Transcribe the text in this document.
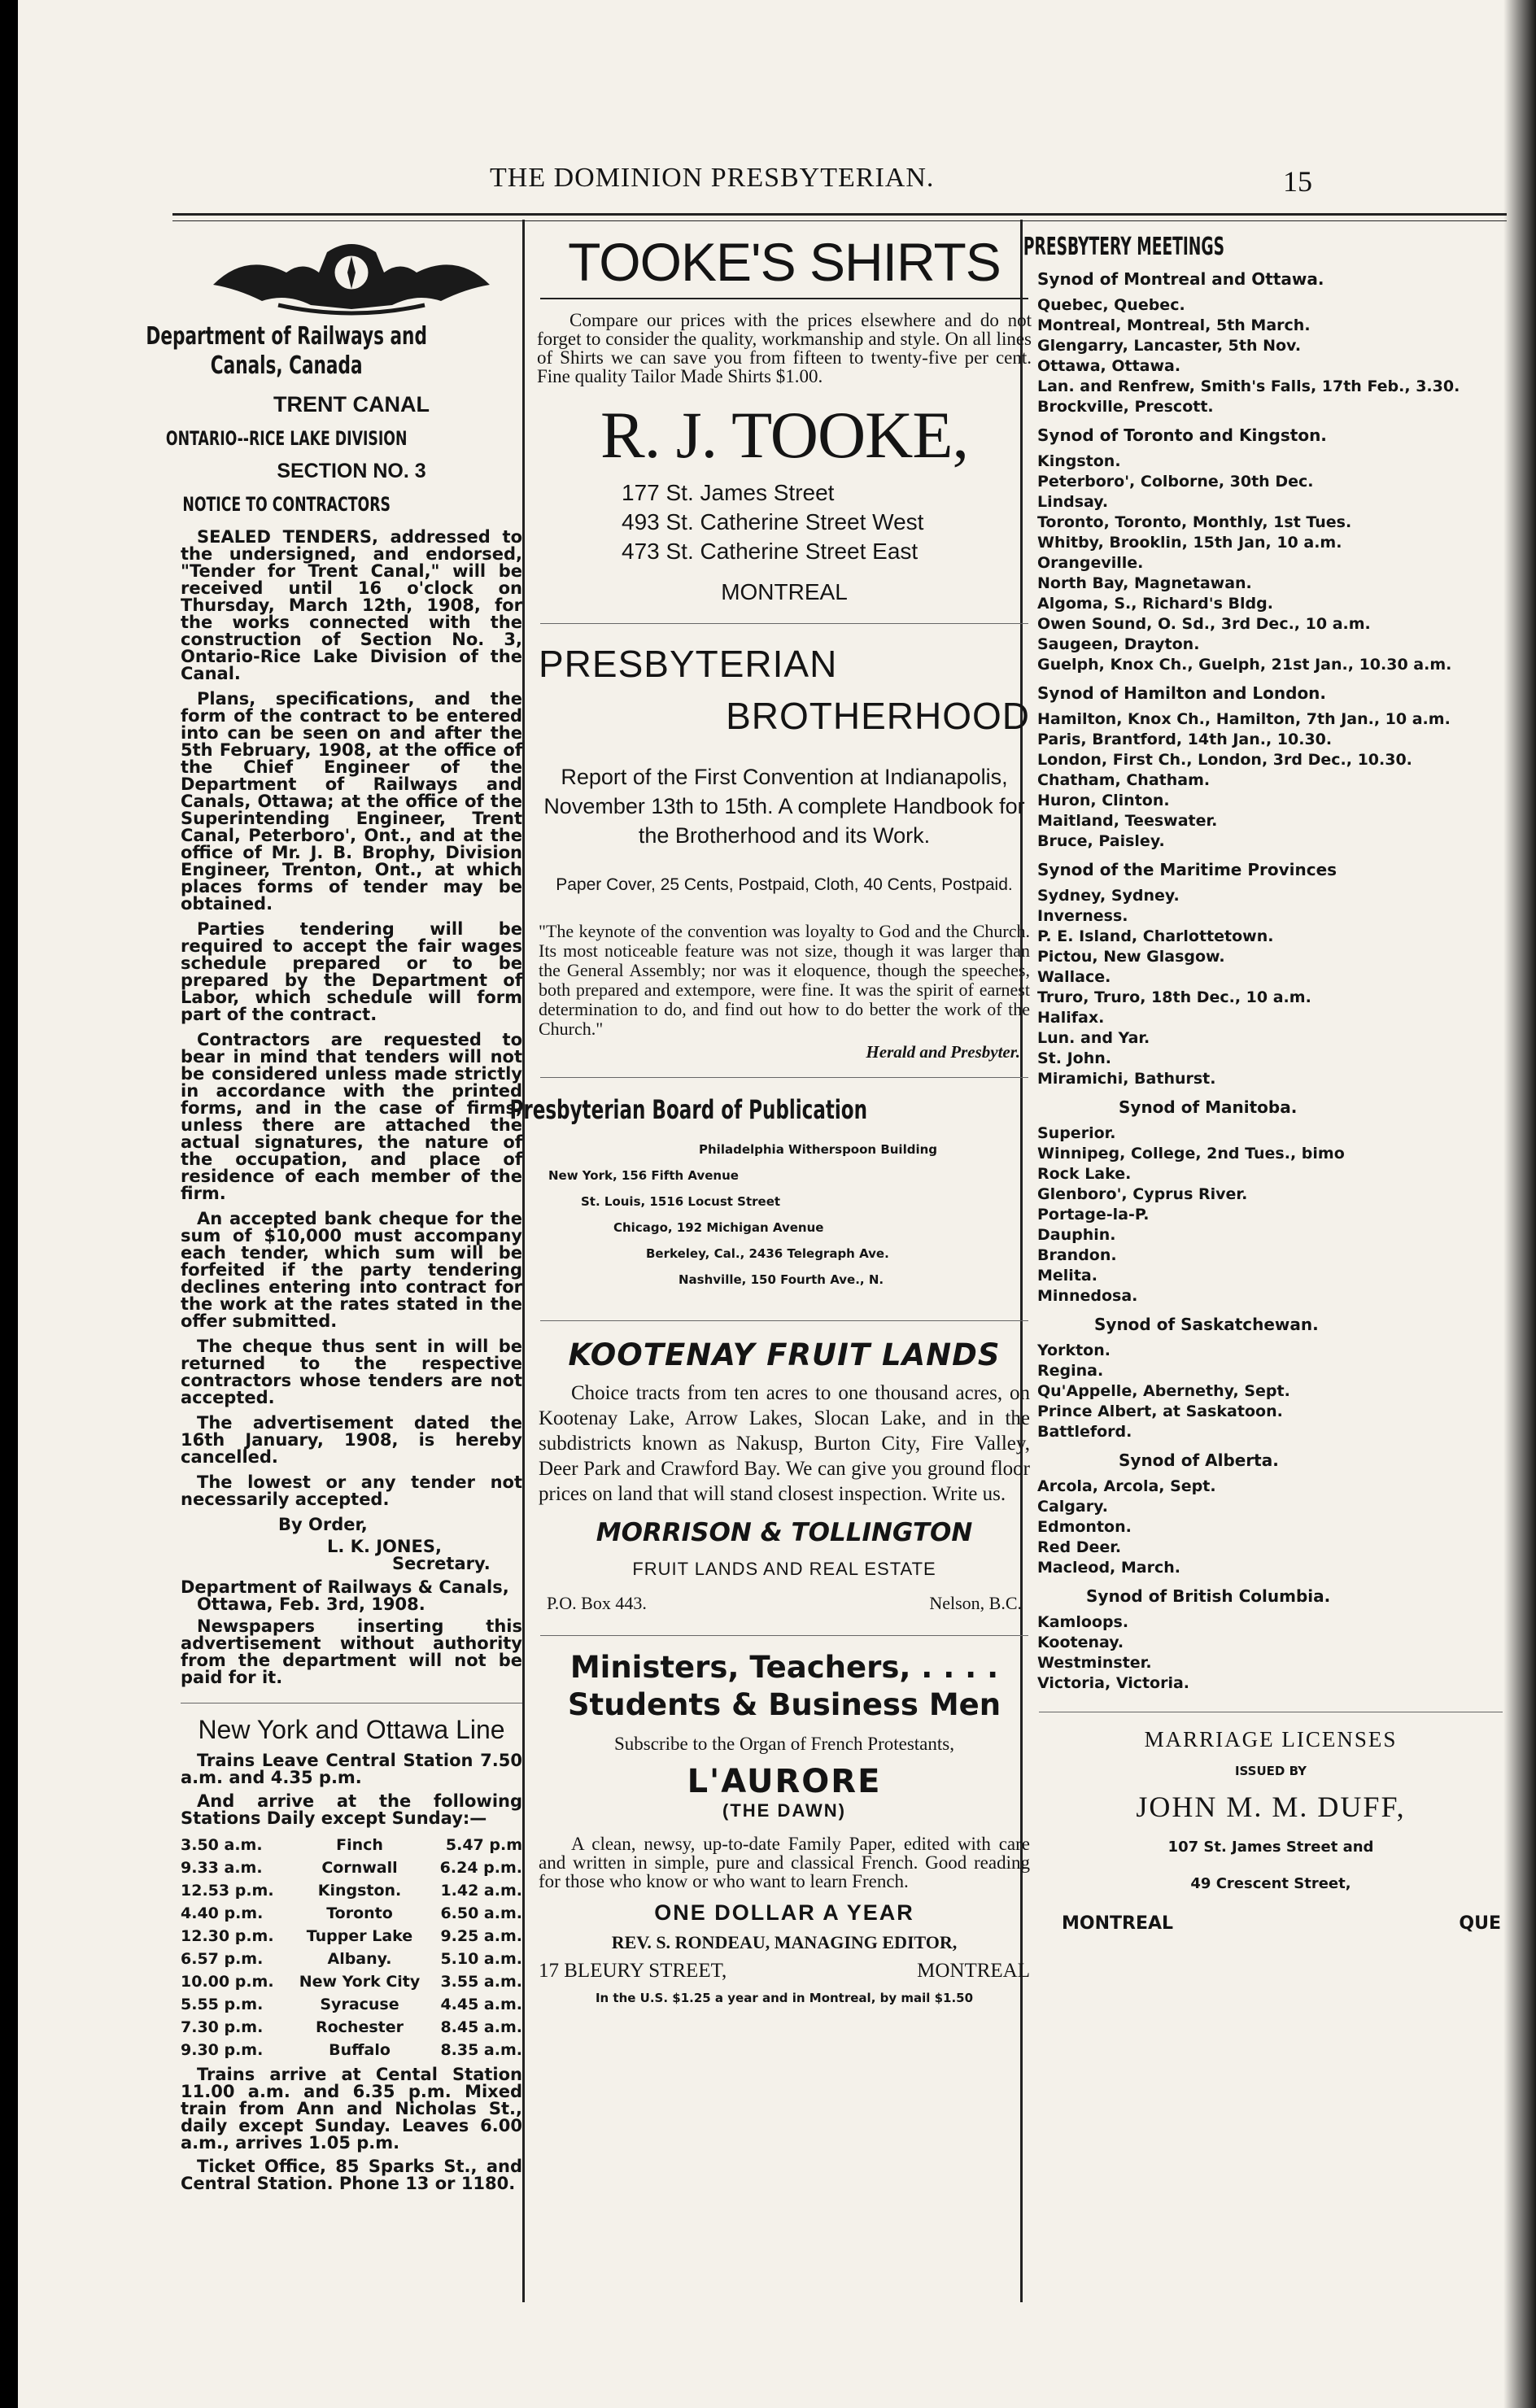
THE DOMINION PRESBYTERIAN.	15
Department of Railways and Canals, Canada

TRENT CANAL

ONTARIO--RICE LAKE DIVISION

SECTION NO. 3

NOTICE TO CONTRACTORS

SEALED TENDERS, addressed to the undersigned, and endorsed, "Tender for Trent Canal," will be received until 16 o'clock on Thursday, March 12th, 1908, for the works connected with the construction of Section No. 3, Ontario-Rice Lake Division of the Canal.

Plans, specifications, and the form of the contract to be entered into can be seen on and after the 5th February, 1908, at the office of the Chief Engineer of the Department of Railways and Canals, Ottawa; at the office of the Superintending Engineer, Trent Canal, Peterboro', Ont., and at the office of Mr. J. B. Brophy, Division Engineer, Trenton, Ont., at which places forms of tender may be obtained.

Parties tendering will be required to accept the fair wages schedule prepared or to be prepared by the Department of Labor, which schedule will form part of the contract.

Contractors are requested to bear in mind that tenders will not be considered unless made strictly in accordance with the printed forms, and in the case of firms, unless there are attached the actual signatures, the nature of the occupation, and place of residence of each member of the firm.

An accepted bank cheque for the sum of $10,000 must accompany each tender, which sum will be forfeited if the party tendering declines entering into contract for the work at the rates stated in the offer submitted.

The cheque thus sent in will be returned to the respective contractors whose tenders are not accepted.

The advertisement dated the 16th January, 1908, is hereby cancelled.

The lowest or any tender not necessarily accepted.

By Order,

L. K. JONES,

Secretary.

Department of Railways & Canals,

Ottawa, Feb. 3rd, 1908.

Newspapers inserting this advertisement without authority from the department will not be paid for it.

New York and Ottawa Line

Trains Leave Central Station 7.50 a.m. and 4.35 p.m.

And arrive at the following Stations Daily except Sunday:—

3.50 a.m.	Finch	5.47 p.m
9.33 a.m.	Cornwall	6.24 p.m.
12.53 p.m.	Kingston.	1.42 a.m.
4.40 p.m.	Toronto	6.50 a.m.
12.30 p.m.	Tupper Lake	9.25 a.m.
6.57 p.m.	Albany.	5.10 a.m.
10.00 p.m.	New York City	3.55 a.m.
5.55 p.m.	Syracuse	4.45 a.m.
7.30 p.m.	Rochester	8.45 a.m.
9.30 p.m.	Buffalo	8.35 a.m.

Trains arrive at Cental Station 11.00 a.m. and 6.35 p.m. Mixed train from Ann and Nicholas St., daily except Sunday. Leaves 6.00 a.m., arrives 1.05 p.m.

Ticket Office, 85 Sparks St., and Central Station. Phone 13 or 1180.

TOOKE'S SHIRTS

Compare our prices with the prices elsewhere and do not forget to consider the quality, workmanship and style. On all lines of Shirts we can save you from fifteen to twenty-five per cent. Fine quality Tailor Made Shirts $1.00.

R. J. TOOKE,

177 St. James Street

493 St. Catherine Street West

473 St. Catherine Street East

MONTREAL

PRESBYTERIAN

BROTHERHOOD

Report of the First Convention at Indianapolis, November 13th to 15th. A complete Handbook for the Brotherhood and its Work.

Paper Cover, 25 Cents, Postpaid, Cloth, 40 Cents, Postpaid.

"The keynote of the convention was loyalty to God and the Church. Its most noticeable feature was not size, though it was larger than the General Assembly; nor was it eloquence, though the speeches, both prepared and extempore, were fine. It was the spirit of earnest determination to do, and find out how to do better the work of the Church."

Herald and Presbyter.

Presbyterian Board of Publication

Philadelphia Witherspoon Building

New York, 156 Fifth Avenue

St. Louis, 1516 Locust Street

Chicago, 192 Michigan Avenue

Berkeley, Cal., 2436 Telegraph Ave.

Nashville, 150 Fourth Ave., N.

KOOTENAY FRUIT LANDS

Choice tracts from ten acres to one thousand acres, on Kootenay Lake, Arrow Lakes, Slocan Lake, and in the subdistricts known as Nakusp, Burton City, Fire Valley, Deer Park and Crawford Bay. We can give you ground floor prices on land that will stand closest inspection. Write us.

MORRISON & TOLLINGTON

FRUIT LANDS AND REAL ESTATE

P.O. Box 443.	Nelson, B.C.

Ministers, Teachers, . . . .

Students & Business Men

Subscribe to the Organ of French Protestants,

L'AURORE

(THE DAWN)

A clean, newsy, up-to-date Family Paper, edited with care and written in simple, pure and classical French. Good reading for those who know or who want to learn French.

ONE DOLLAR A YEAR

REV. S. RONDEAU, MANAGING EDITOR,

17 BLEURY STREET,	MONTREAL

In the U.S. $1.25 a year and in Montreal, by mail $1.50

PRESBYTERY MEETINGS

Synod of Montreal and Ottawa.

Quebec, Quebec.

Montreal, Montreal, 5th March.

Glengarry, Lancaster, 5th Nov.

Ottawa, Ottawa.

Lan. and Renfrew, Smith's Falls, 17th Feb., 3.30.

Brockville, Prescott.

Synod of Toronto and Kingston.

Kingston.

Peterboro', Colborne, 30th Dec.

Lindsay.

Toronto, Toronto, Monthly, 1st Tues.

Whitby, Brooklin, 15th Jan, 10 a.m.

Orangeville.

North Bay, Magnetawan.

Algoma, S., Richard's Bldg.

Owen Sound, O. Sd., 3rd Dec., 10 a.m.

Saugeen, Drayton.

Guelph, Knox Ch., Guelph, 21st Jan., 10.30 a.m.

Synod of Hamilton and London.

Hamilton, Knox Ch., Hamilton, 7th Jan., 10 a.m.

Paris, Brantford, 14th Jan., 10.30.

London, First Ch., London, 3rd Dec., 10.30.

Chatham, Chatham.

Huron, Clinton.

Maitland, Teeswater.

Bruce, Paisley.

Synod of the Maritime Provinces

Sydney, Sydney.

Inverness.

P. E. Island, Charlottetown.

Pictou, New Glasgow.

Wallace.

Truro, Truro, 18th Dec., 10 a.m.

Halifax.

Lun. and Yar.

St. John.

Miramichi, Bathurst.

Synod of Manitoba.

Superior.

Winnipeg, College, 2nd Tues., bimo

Rock Lake.

Glenboro', Cyprus River.

Portage-la-P.

Dauphin.

Brandon.

Melita.

Minnedosa.

Synod of Saskatchewan.

Yorkton.

Regina.

Qu'Appelle, Abernethy, Sept.

Prince Albert, at Saskatoon.

Battleford.

Synod of Alberta.

Arcola, Arcola, Sept.

Calgary.

Edmonton.

Red Deer.

Macleod, March.

Synod of British Columbia.

Kamloops.

Kootenay.

Westminster.

Victoria, Victoria.

MARRIAGE LICENSES

ISSUED BY

JOHN M. M. DUFF,

107 St. James Street and

49 Crescent Street,

MONTREAL	QUE
